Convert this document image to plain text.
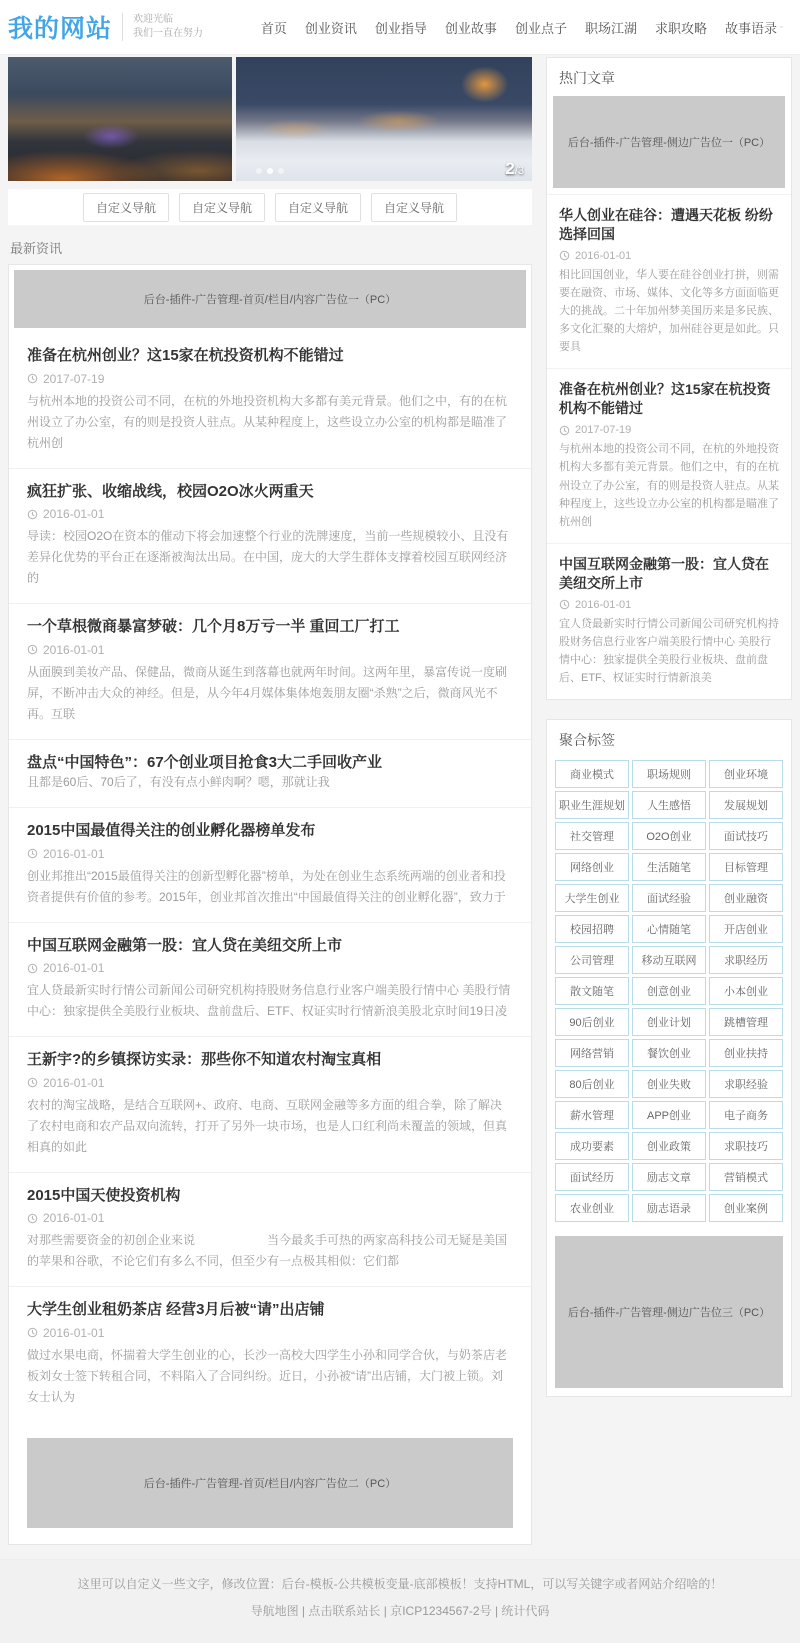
我的网站 欢迎光临
我们一直在努力	首页	创业资讯	创业指导	创业故事	创业点子	职场江湖	求职攻略	故事语录 ˇ
2/3
自定义导航	自定义导航	自定义导航	自定义导航
最新资讯
后台-插件-广告管理-首页/栏目/内容广告位一（PC）
准备在杭州创业？这15家在杭投资机构不能错过
2017-07-19
与杭州本地的投资公司不同，在杭的外地投资机构大多都有美元背景。他们之中，有的在杭州设立了办公室，有的则是投资人驻点。从某种程度上，这些设立办公室的机构都是瞄准了杭州创
疯狂扩张、收缩战线，校园O2O冰火两重天
2016-01-01
导读：校园O2O在资本的催动下将会加速整个行业的洗牌速度，当前一些规模较小、且没有差异化优势的平台正在逐渐被淘汰出局。在中国，庞大的大学生群体支撑着校园互联网经济的
一个草根微商暴富梦破：几个月8万亏一半 重回工厂打工
2016-01-01
从面膜到美妆产品、保健品，微商从诞生到落幕也就两年时间。这两年里，暴富传说一度刷屏，不断冲击大众的神经。但是，从今年4月媒体集体炮轰朋友圈“杀熟”之后，微商风光不再。互联
盘点“中国特色”：67个创业项目抢食3大二手回收产业
且都是60后、70后了，有没有点小鲜肉啊？嗯，那就让我
2015中国最值得关注的创业孵化器榜单发布
2016-01-01
创业邦推出“2015最值得关注的创新型孵化器”榜单，为处在创业生态系统两端的创业者和投资者提供有价值的参考。2015年，创业邦首次推出“中国最值得关注的创业孵化器”，致力于
中国互联网金融第一股：宜人贷在美纽交所上市
2016-01-01
宜人贷最新实时行情公司新闻公司研究机构持股财务信息行业客户端美股行情中心 美股行情中心：独家提供全美股行业板块、盘前盘后、ETF、权证实时行情新浪美股北京时间19日凌
王新宇?的乡镇探访实录：那些你不知道农村淘宝真相
2016-01-01
农村的淘宝战略，是结合互联网+、政府、电商、互联网金融等多方面的组合拳，除了解决了农村电商和农产品双向流转，打开了另外一块市场，也是人口红利尚未覆盖的领域，但真相真的如此
2015中国天使投资机构
2016-01-01
对那些需要资金的初创企业来说　　　　　　当今最炙手可热的两家高科技公司无疑是美国的苹果和谷歌，不论它们有多么不同，但至少有一点极其相似：它们都
大学生创业租奶茶店 经营3月后被“请”出店铺
2016-01-01
做过水果电商，怀揣着大学生创业的心，长沙一高校大四学生小孙和同学合伙，与奶茶店老板刘女士签下转租合同，不料陷入了合同纠纷。近日，小孙被“请”出店铺，大门被上锁。刘女士认为
后台-插件-广告管理-首页/栏目/内容广告位二（PC）
热门文章
后台-插件-广告管理-侧边广告位一（PC）
华人创业在硅谷：遭遇天花板 纷纷选择回国
2016-01-01
相比回国创业，华人要在硅谷创业打拼，则需要在融资、市场、媒体、文化等多方面面临更大的挑战。二十年加州梦美国历来是多民族、多文化汇聚的大熔炉，加州硅谷更是如此。只要具
准备在杭州创业？这15家在杭投资机构不能错过
2017-07-19
与杭州本地的投资公司不同，在杭的外地投资机构大多都有美元背景。他们之中，有的在杭州设立了办公室，有的则是投资人驻点。从某种程度上，这些设立办公室的机构都是瞄准了杭州创
中国互联网金融第一股：宜人贷在美纽交所上市
2016-01-01
宜人贷最新实时行情公司新闻公司研究机构持股财务信息行业客户端美股行情中心 美股行情中心：独家提供全美股行业板块、盘前盘后、ETF、权证实时行情新浪美
聚合标签
商业模式	职场规则	创业环境
职业生涯规划	人生感悟	发展规划
社交管理	O2O创业	面试技巧
网络创业	生活随笔	目标管理
大学生创业	面试经验	创业融资
校园招聘	心情随笔	开店创业
公司管理	移动互联网	求职经历
散文随笔	创意创业	小本创业
90后创业	创业计划	跳槽管理
网络营销	餐饮创业	创业扶持
80后创业	创业失败	求职经验
薪水管理	APP创业	电子商务
成功要素	创业政策	求职技巧
面试经历	励志文章	营销模式
农业创业	励志语录	创业案例
后台-插件-广告管理-侧边广告位三（PC）

这里可以自定义一些文字，修改位置：后台-模板-公共模板变量-底部模板！支持HTML，可以写关键字或者网站介绍啥的！

导航地图 | 点击联系站长 | 京ICP1234567-2号 | 统计代码
